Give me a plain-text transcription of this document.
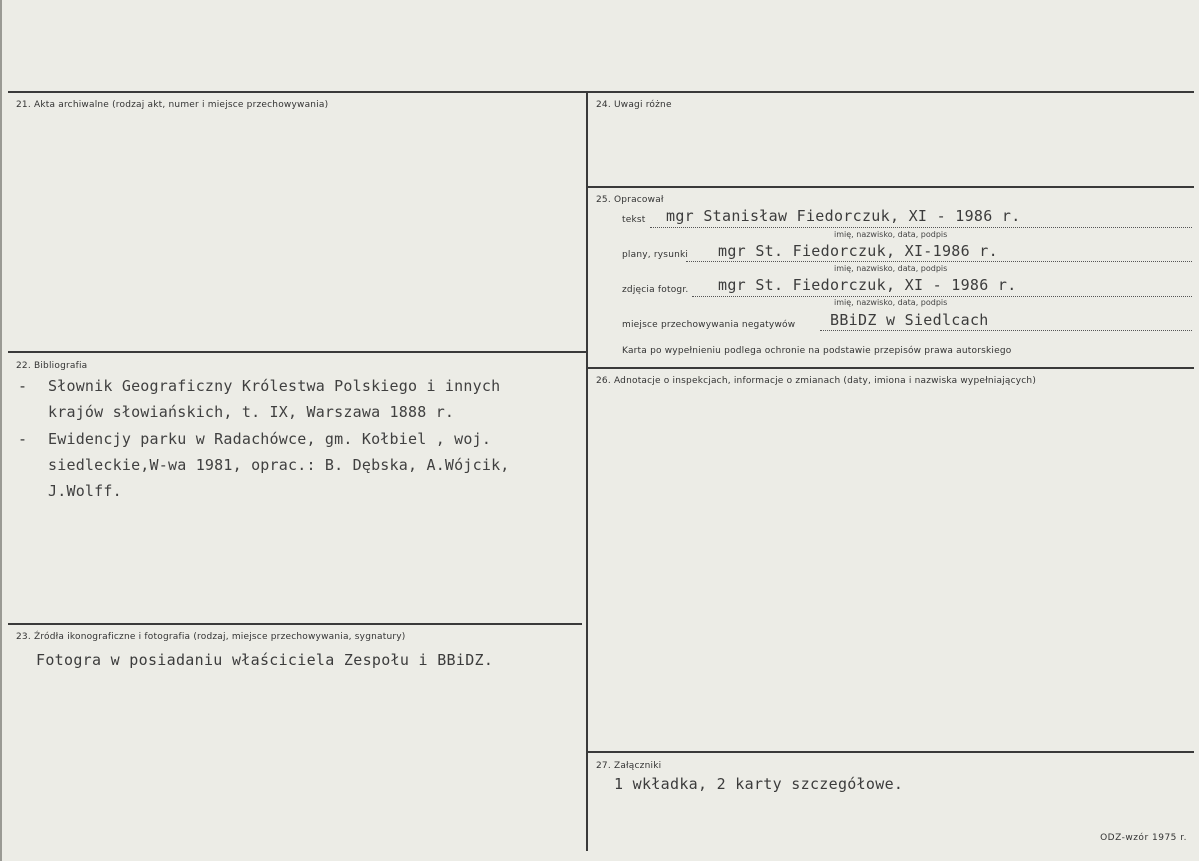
21. Akta archiwalne (rodzaj akt, numer i miejsce przechowywania)
22. Bibliografia
- Słownik Geograficzny Królestwa Polskiego i innych
krajów słowiańskich, t. IX, Warszawa 1888 r.
- Ewidencjy parku w Radachówce, gm. Kołbiel , woj.
siedleckie,W-wa 1981, oprac.: B. Dębska, A.Wójcik,
J.Wolff.
23. Źródła ikonograficzne i fotografia (rodzaj, miejsce przechowywania, sygnatury)
Fotogra w posiadaniu właściciela Zespołu i BBiDZ.
24. Uwagi różne
25. Opracował
tekst mgr Stanisław Fiedorczuk, XI - 1986 r.
imię, nazwisko, data, podpis
plany, rysunki mgr St. Fiedorczuk, XI-1986 r.
imię, nazwisko, data, podpis
zdjęcia fotogr. mgr St. Fiedorczuk, XI - 1986 r.
imię, nazwisko, data, podpis
miejsce przechowywania negatywów BBiDZ w Siedlcach
Karta po wypełnieniu podlega ochronie na podstawie przepisów prawa autorskiego
26. Adnotacje o inspekcjach, informacje o zmianach (daty, imiona i nazwiska wypełniających)
27. Załączniki
1 wkładka, 2 karty szczegółowe.
ODZ-wzór 1975 r.
